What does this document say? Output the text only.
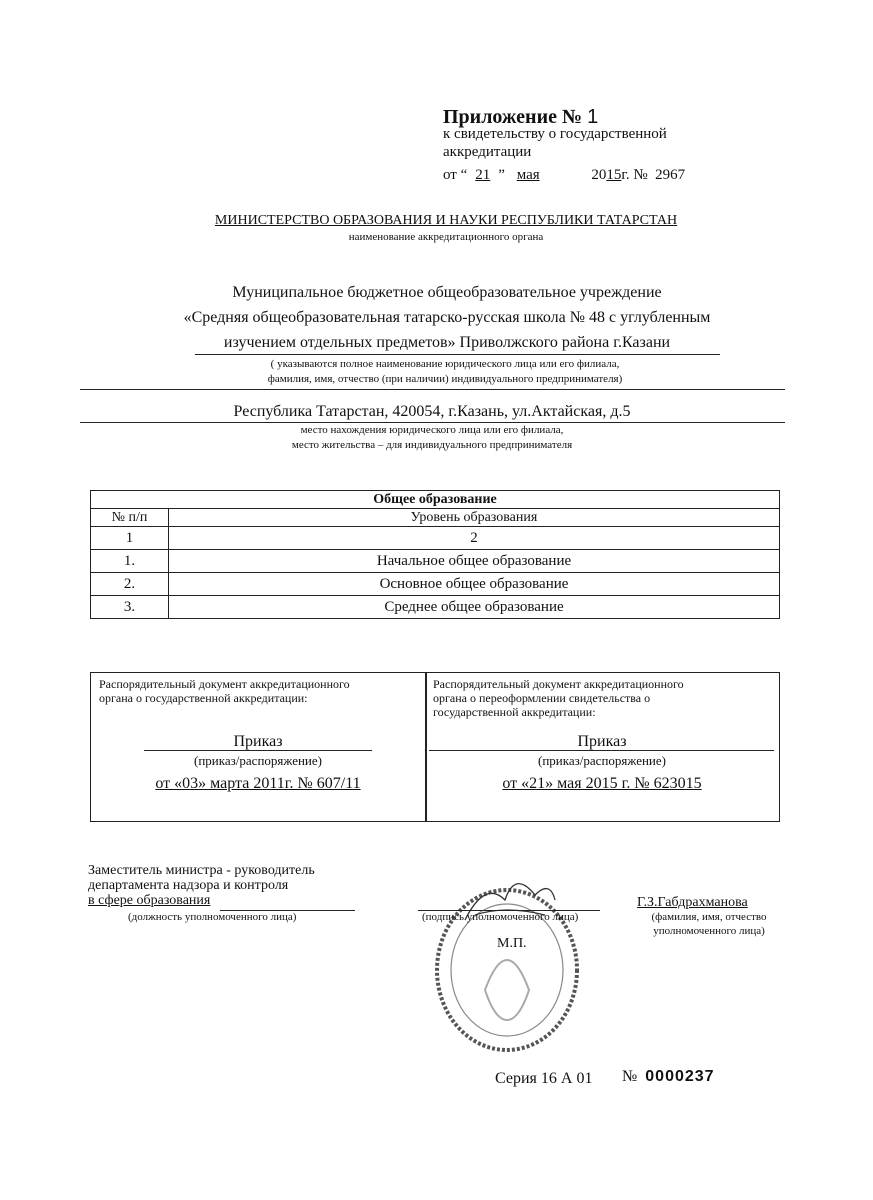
Приложение № 1
к свидетельству о государственной
аккредитации
от “ 21 ” мая	2015г. № 2967
МИНИСТЕРСТВО ОБРАЗОВАНИЯ И НАУКИ РЕСПУБЛИКИ ТАТАРСТАН
наименование аккредитационного органа
Муниципальное бюджетное общеобразовательное учреждение
«Средняя общеобразовательная татарско-русская школа № 48 с углубленным
изучением отдельных предметов» Приволжского района г.Казани
( указываются полное наименование юридического лица или его филиала,
фамилия, имя, отчество (при наличии) индивидуального предпринимателя)
Республика Татарстан, 420054, г.Казань, ул.Актайская, д.5
место нахождения юридического лица или его филиала,
место жительства – для индивидуального предпринимателя
Общее образование	
№ п/п	Уровень образования
1	2
1.	Начальное общее образование
2.	Основное общее образование
3.	Среднее общее образование
Распорядительный документ аккредитационного
органа о государственной аккредитации:
Приказ
(приказ/распоряжение)
от «03» марта 2011г. № 607/11
Распорядительный документ аккредитационного
органа о переоформлении свидетельства о
государственной аккредитации:
Приказ
(приказ/распоряжение)
от «21» мая 2015 г. № 623015
Заместитель министра - руководитель
департамента надзора и контроля
в сфере образования
(должность уполномоченного лица)	(подпись уполномоченного лица)
М.П.
Г.З.Габдрахманова
(фамилия, имя, отчество
уполномоченного лица)
Серия 16 А 01 № 0000237
